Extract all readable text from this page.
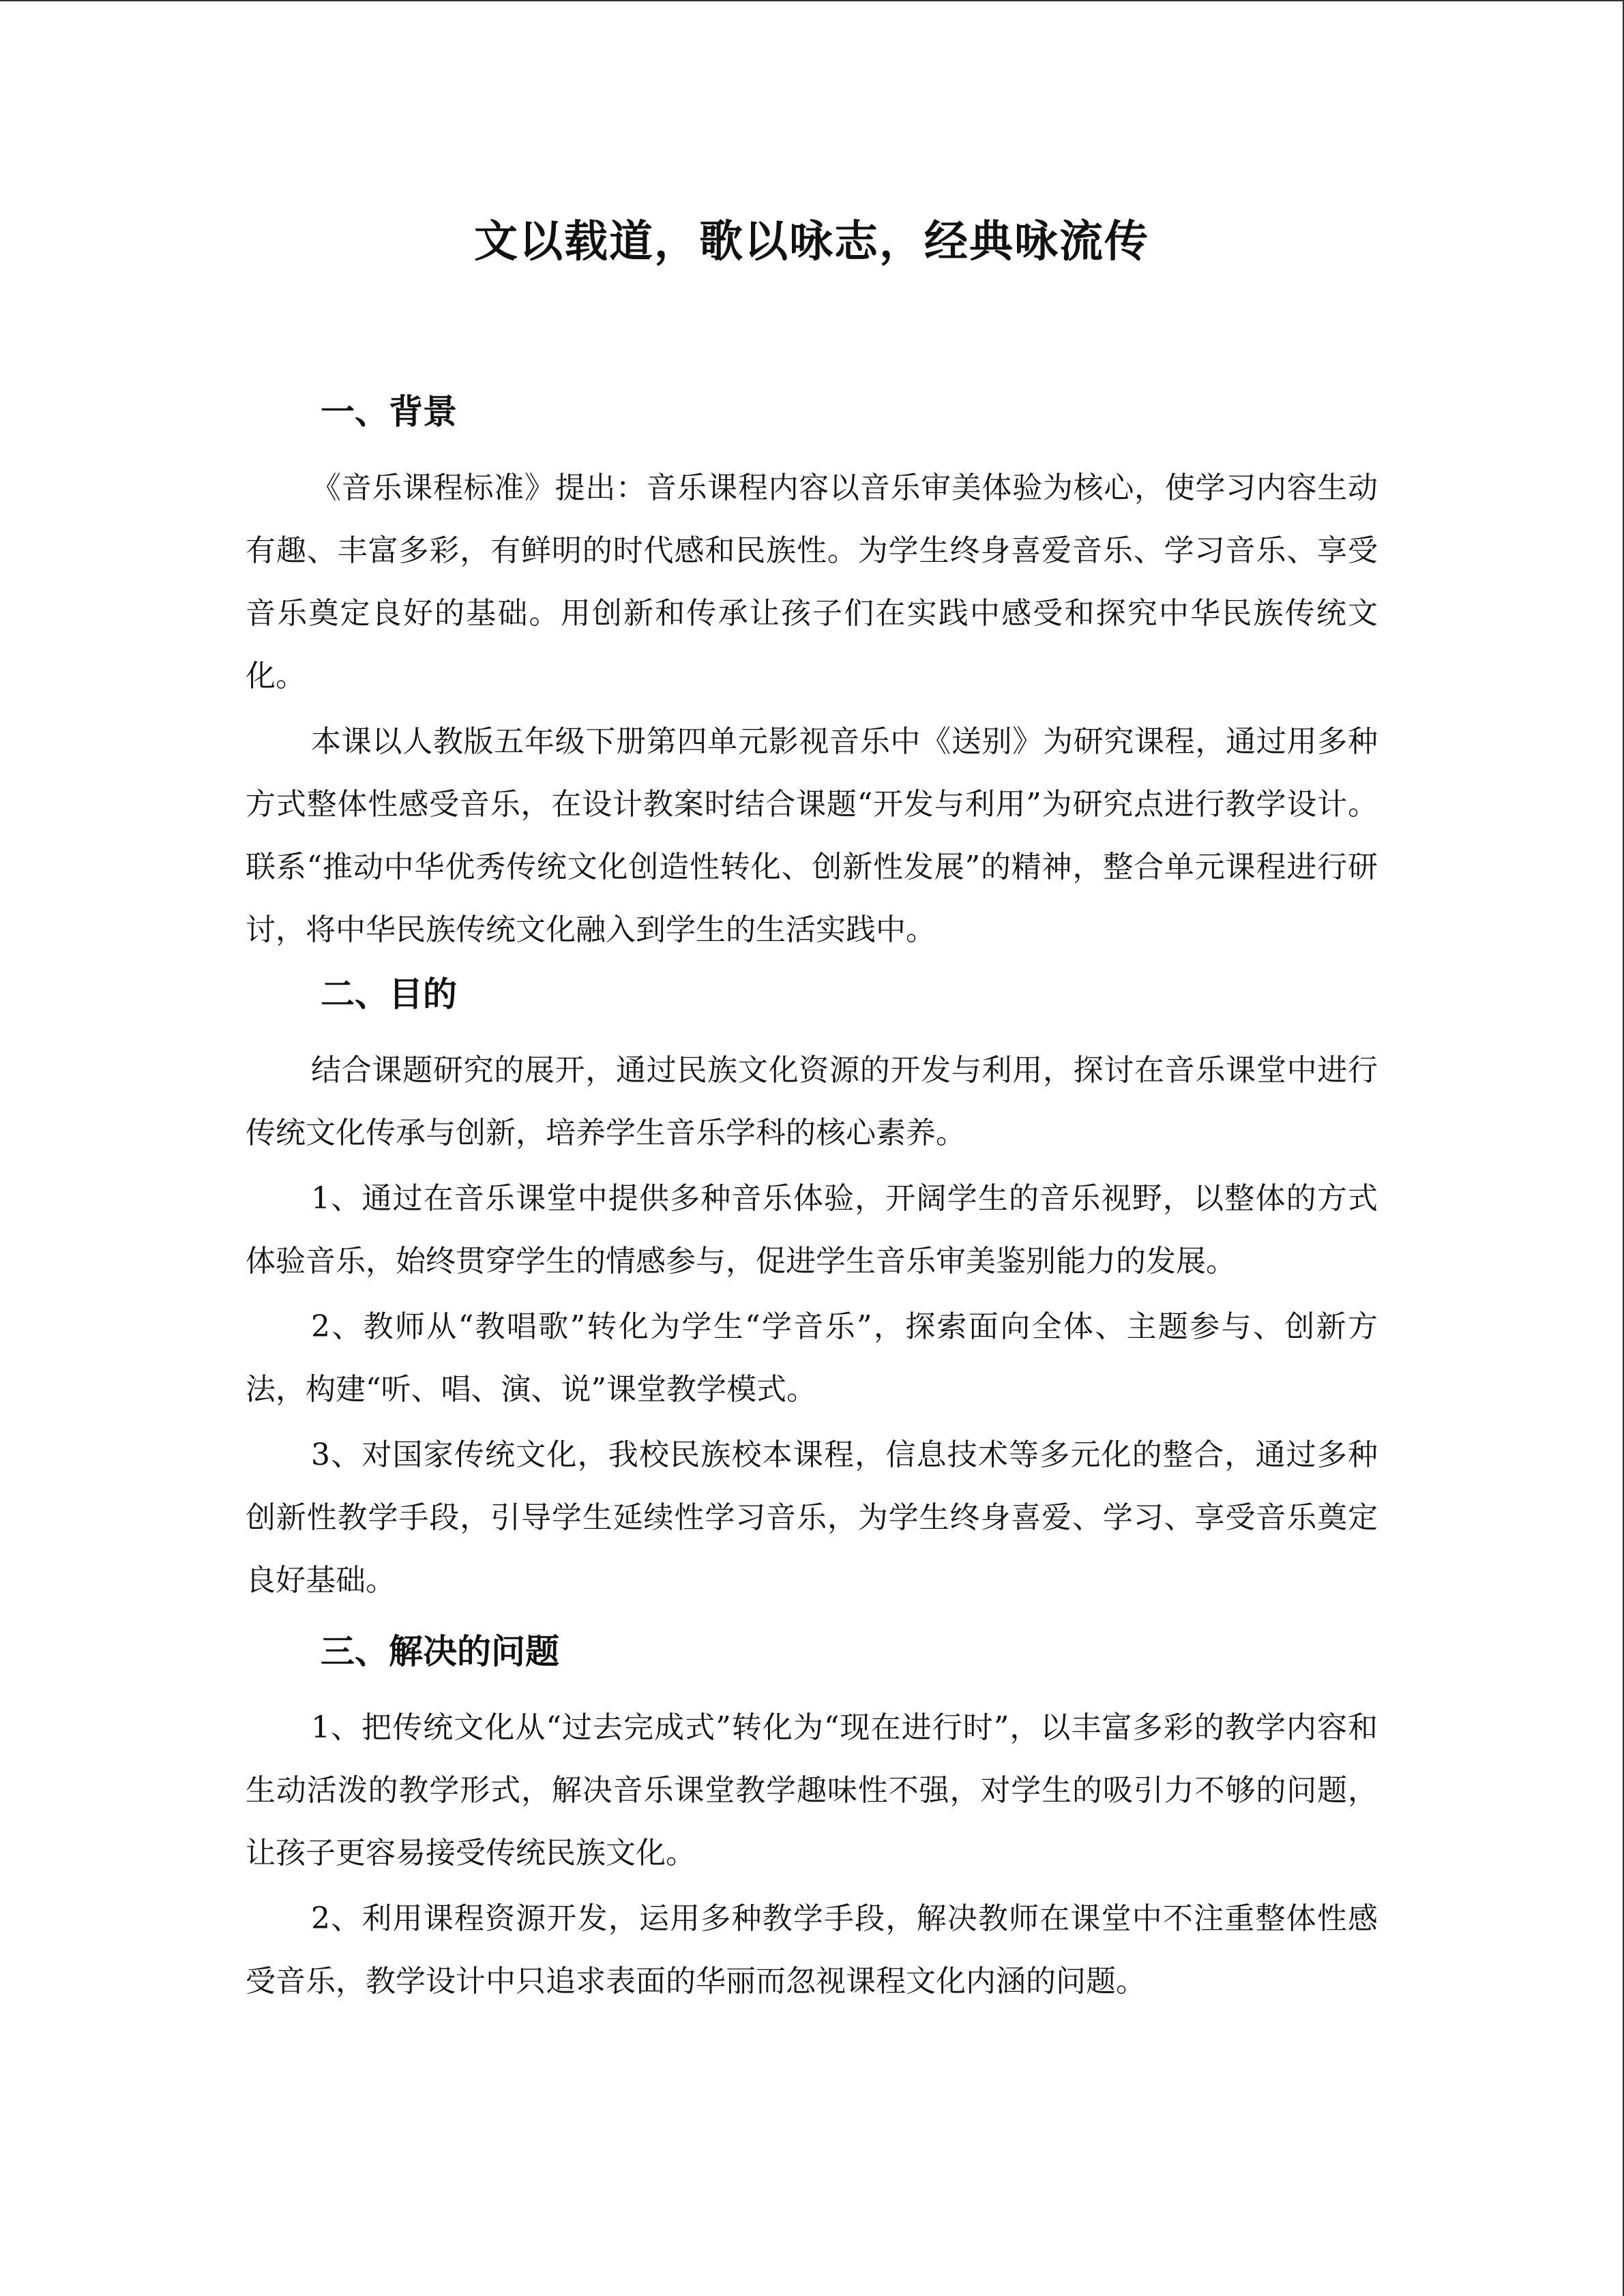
文以载道，歌以咏志，经典咏流传
一、背景

《音乐课程标准》提出：音乐课程内容以音乐审美体验为核心，使学习内容生动有趣、丰富多彩，有鲜明的时代感和民族性。为学生终身喜爱音乐、学习音乐、享受音乐奠定良好的基础。用创新和传承让孩子们在实践中感受和探究中华民族传统文化。

本课以人教版五年级下册第四单元影视音乐中《送别》为研究课程，通过用多种方式整体性感受音乐，在设计教案时结合课题“开发与利用”为研究点进行教学设计。联系“推动中华优秀传统文化创造性转化、创新性发展”的精神，整合单元课程进行研讨，将中华民族传统文化融入到学生的生活实践中。

二、目的

结合课题研究的展开，通过民族文化资源的开发与利用，探讨在音乐课堂中进行传统文化传承与创新，培养学生音乐学科的核心素养。

1、通过在音乐课堂中提供多种音乐体验，开阔学生的音乐视野，以整体的方式体验音乐，始终贯穿学生的情感参与，促进学生音乐审美鉴别能力的发展。

2、教师从“教唱歌”转化为学生“学音乐”，探索面向全体、主题参与、创新方法，构建“听、唱、演、说”课堂教学模式。

3、对国家传统文化，我校民族校本课程，信息技术等多元化的整合，通过多种创新性教学手段，引导学生延续性学习音乐，为学生终身喜爱、学习、享受音乐奠定良好基础。

三、解决的问题

1、把传统文化从“过去完成式”转化为“现在进行时”，以丰富多彩的教学内容和生动活泼的教学形式，解决音乐课堂教学趣味性不强，对学生的吸引力不够的问题，让孩子更容易接受传统民族文化。

2、利用课程资源开发，运用多种教学手段，解决教师在课堂中不注重整体性感受音乐，教学设计中只追求表面的华丽而忽视课程文化内涵的问题。
